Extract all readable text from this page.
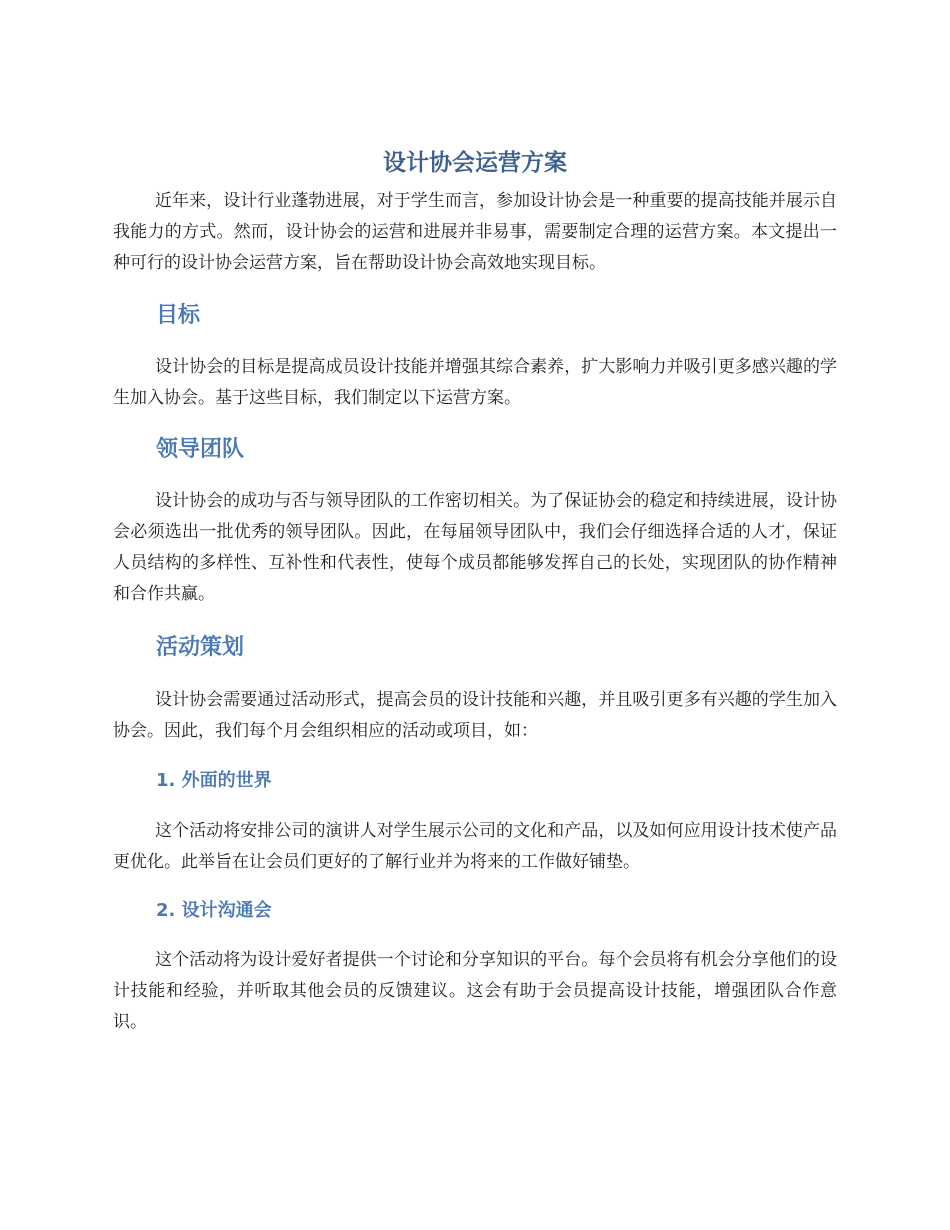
设计协会运营方案

近年来，设计行业蓬勃进展，对于学生而言，参加设计协会是一种重要的提高技能并展示自我能力的方式。然而，设计协会的运营和进展并非易事，需要制定合理的运营方案。本文提出一种可行的设计协会运营方案，旨在帮助设计协会高效地实现目标。

目标

设计协会的目标是提高成员设计技能并增强其综合素养，扩大影响力并吸引更多感兴趣的学生加入协会。基于这些目标，我们制定以下运营方案。

领导团队

设计协会的成功与否与领导团队的工作密切相关。为了保证协会的稳定和持续进展，设计协会必须选出一批优秀的领导团队。因此，在每届领导团队中，我们会仔细选择合适的人才，保证人员结构的多样性、互补性和代表性，使每个成员都能够发挥自己的长处，实现团队的协作精神和合作共赢。

活动策划

设计协会需要通过活动形式，提高会员的设计技能和兴趣，并且吸引更多有兴趣的学生加入协会。因此，我们每个月会组织相应的活动或项目，如：

1. 外面的世界

这个活动将安排公司的演讲人对学生展示公司的文化和产品，以及如何应用设计技术使产品更优化。此举旨在让会员们更好的了解行业并为将来的工作做好铺垫。

2. 设计沟通会

这个活动将为设计爱好者提供一个讨论和分享知识的平台。每个会员将有机会分享他们的设计技能和经验，并听取其他会员的反馈建议。这会有助于会员提高设计技能，增强团队合作意识。
